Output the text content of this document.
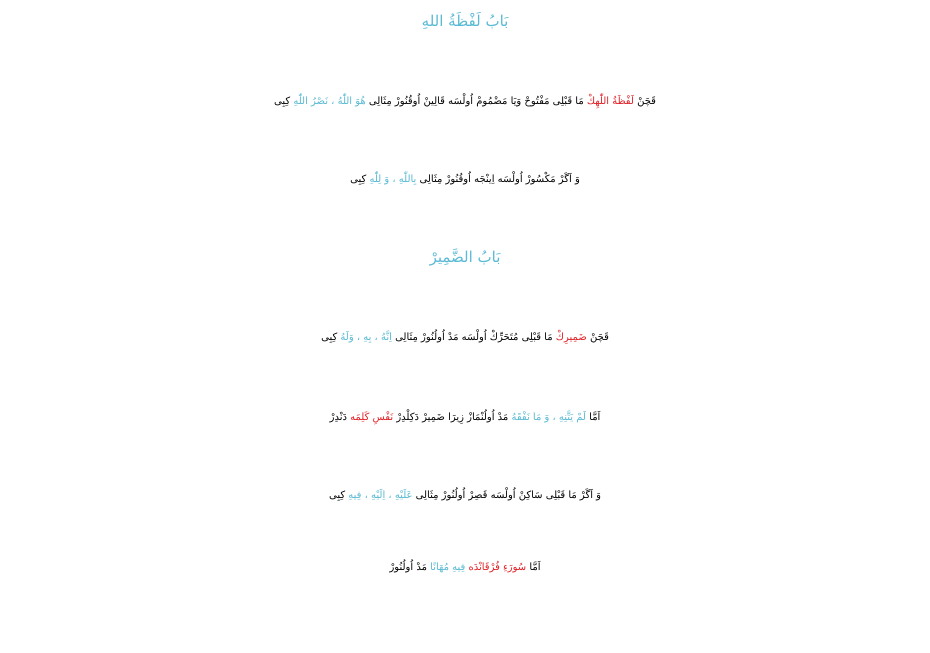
بَابُ لَفْظَةُ اللهِ
قَچَنْ لَفْظَةُ اللّٰهِكْ مَا قَبْلِى مَفْتُوحْ وَيَا مَضْمُومْ اُولْسَه قَالِينْ اُوقُنُورْ مِثَالِى هُوَ اللّٰهُ ، نَصْرُ اللّٰهِ كِبِى
وَ اَگَرْ مَكْسُورْ اُولْسَه اِينْجَه اُوقُنُورْ مِثَالِى بِاللّٰهِ ، وَ لِلّٰهِ كِبِى
بَابُ الضَّمِيرْ
قَچَنْ ضَمِيرِكْ مَا قَبْلِى مُتَحَرِّكْ اُولْسَه مَدْ اُولُنُورْ مِثَالِى اِنَّهُ ، بِهِ ، وَلَهُ كِبِى
اَمَّا لَمْ يَتَّنِهِ ، وَ مَا نَفْقَهُ مَدْ اُولُنْمَازْ زِيرَا ضَمِيرْ دَكِلْدِرْ نَفْسِ كَلِمَه دَنْدِرْ
وَ اَگَرْ مَا قَبْلِى سَاكِنْ اُولْسَه قَصِرْ اُولُنُورْ مِثَالِى عَلَيْهِ ، اِلَيْهِ ، فِيهِ كِبِى
اَمَّا سُورَءِ فُرْقَانْدَه فِيهِ مُهَانًا مَدْ اُولُنُورْ
